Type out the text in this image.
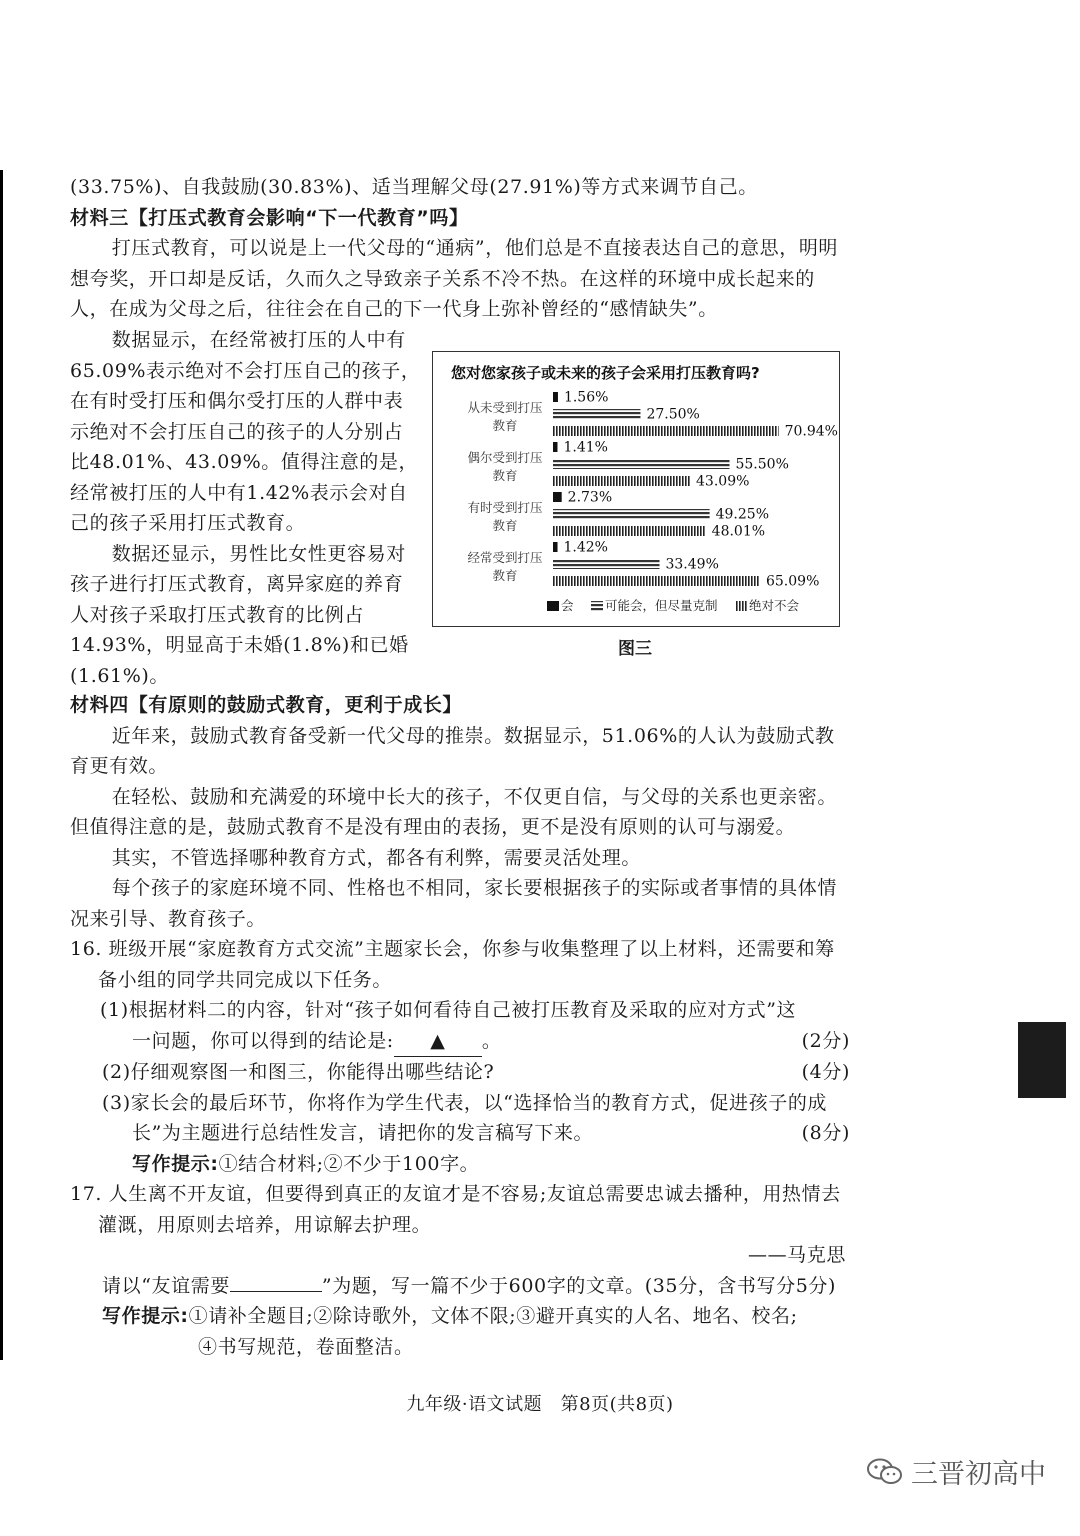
(33.75%)、自我鼓励(30.83%)、适当理解父母(27.91%)等方式来调节自己。

材料三【打压式教育会影响“下一代教育”吗】

打压式教育，可以说是上一代父母的“通病”，他们总是不直接表达自己的意思，明明想夸奖，开口却是反话，久而久之导致亲子关系不冷不热。在这样的环境中成长起来的人，在成为父母之后，往往会在自己的下一代身上弥补曾经的“感情缺失”。

数据显示，在经常被打压的人中有65.09%表示绝对不会打压自己的孩子，在有时受打压和偶尔受打压的人群中表示绝对不会打压自己的孩子的人分别占比48.01%、43.09%。值得注意的是，经常被打压的人中有1.42%表示会对自己的孩子采用打压式教育。

数据还显示，男性比女性更容易对孩子进行打压式教育，离异家庭的养育人对孩子采取打压式教育的比例占14.93%，明显高于未婚(1.8%)和已婚(1.61%)。

您对您家孩子或未来的孩子会采用打压教育吗?
从未受到打压
教育
1.56%
27.50%
70.94%
偶尔受到打压
教育
1.41%
55.50%
43.09%
有时受到打压
教育
2.73%
49.25%
48.01%
经常受到打压
教育
1.42%
33.49%
65.09%
会	可能会，但尽量克制	绝对不会
图三

材料四【有原则的鼓励式教育，更利于成长】

近年来，鼓励式教育备受新一代父母的推崇。数据显示，51.06%的人认为鼓励式教育更有效。

在轻松、鼓励和充满爱的环境中长大的孩子，不仅更自信，与父母的关系也更亲密。但值得注意的是，鼓励式教育不是没有理由的表扬，更不是没有原则的认可与溺爱。

其实，不管选择哪种教育方式，都各有利弊，需要灵活处理。

每个孩子的家庭环境不同、性格也不相同，家长要根据孩子的实际或者事情的具体情况来引导、教育孩子。

16. 班级开展“家庭教育方式交流”主题家长会，你参与收集整理了以上材料，还需要和筹备小组的同学共同完成以下任务。

(1)根据材料二的内容，针对“孩子如何看待自己被打压教育及采取的应对方式”这

一问题，你可以得到的结论是: ▲ 。	(2分)
(2)仔细观察图一和图三，你能得出哪些结论?	(4分)

(3)家长会的最后环节，你将作为学生代表，以“选择恰当的教育方式，促进孩子的成

长”为主题进行总结性发言，请把你的发言稿写下来。	(8分)

写作提示:①结合材料;②不少于100字。

17. 人生离不开友谊，但要得到真正的友谊才是不容易;友谊总需要忠诚去播种，用热情去灌溉，用原则去培养，用谅解去护理。

——马克思

请以“友谊需要	”为题，写一篇不少于600字的文章。(35分，含书写分5分)

写作提示:①请补全题目;②除诗歌外，文体不限;③避开真实的人名、地名、校名;

④书写规范，卷面整洁。

九年级·语文试题　第8页(共8页)
三晋初高中
